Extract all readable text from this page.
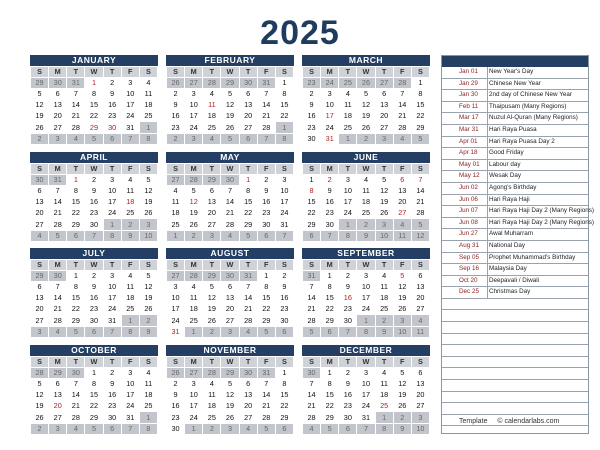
2025
JANUARY
S	M	T	W	T	F	S
29	30	31	1	2	3	4
5	6	7	8	9	10	11
12	13	14	15	16	17	18
19	20	21	22	23	24	25
26	27	28	29	30	31	1
2	3	4	5	6	7	8
FEBRUARY
S	M	T	W	T	F	S
26	27	28	29	30	31	1
2	3	4	5	6	7	8
9	10	11	12	13	14	15
16	17	18	19	20	21	22
23	24	25	26	27	28	1
2	3	4	5	6	7	8
MARCH
S	M	T	W	T	F	S
23	24	25	26	27	28	1
2	3	4	5	6	7	8
9	10	11	12	13	14	15
16	17	18	19	20	21	22
23	24	25	26	27	28	29
30	31	1	2	3	4	5
APRIL
S	M	T	W	T	F	S
30	31	1	2	3	4	5
6	7	8	9	10	11	12
13	14	15	16	17	18	19
20	21	22	23	24	25	26
27	28	29	30	1	2	3
4	5	6	7	8	9	10
MAY
S	M	T	W	T	F	S
27	28	29	30	1	2	3
4	5	6	7	8	9	10
11	12	13	14	15	16	17
18	19	20	21	22	23	24
25	26	27	28	29	30	31
1	2	3	4	5	6	7
JUNE
S	M	T	W	T	F	S
1	2	3	4	5	6	7
8	9	10	11	12	13	14
15	16	17	18	19	20	21
22	23	24	25	26	27	28
29	30	1	2	3	4	5
6	7	8	9	10	11	12
JULY
S	M	T	W	T	F	S
29	30	1	2	3	4	5
6	7	8	9	10	11	12
13	14	15	16	17	18	19
20	21	22	23	24	25	26
27	28	29	30	31	1	2
3	4	5	6	7	8	9
AUGUST
S	M	T	W	T	F	S
27	28	29	30	31	1	2
3	4	5	6	7	8	9
10	11	12	13	14	15	16
17	18	19	20	21	22	23
24	25	26	27	28	29	30
31	1	2	3	4	5	6
SEPTEMBER
S	M	T	W	T	F	S
31	1	2	3	4	5	6
7	8	9	10	11	12	13
14	15	16	17	18	19	20
21	22	23	24	25	26	27
28	29	30	1	2	3	4
5	6	7	8	9	10	11
OCTOBER
S	M	T	W	T	F	S
28	29	30	1	2	3	4
5	6	7	8	9	10	11
12	13	14	15	16	17	18
19	20	21	22	23	24	25
26	27	28	29	30	31	1
2	3	4	5	6	7	8
NOVEMBER
S	M	T	W	T	F	S
26	27	28	29	30	31	1
2	3	4	5	6	7	8
9	10	11	12	13	14	15
16	17	18	19	20	21	22
23	24	25	26	27	28	29
30	1	2	3	4	5	6
DECEMBER
S	M	T	W	T	F	S
30	1	2	3	4	5	6
7	8	9	10	11	12	13
14	15	16	17	18	19	20
21	22	23	24	25	26	27
28	29	30	31	1	2	3
4	5	6	7	8	9	10
Jan 01	New Year's Day
Jan 29	Chinese New Year
Jan 30	2nd day of Chinese New Year
Feb 11	Thaipusam (Many Regions)
Mar 17	Nuzul Al-Quran (Many Regions)
Mar 31	Hari Raya Puasa
Apr 01	Hari Raya Puasa Day 2
Apr 18	Good Friday
May 01	Labour day
May 12	Wesak Day
Jun 02	Agong's Birthday
Jun 06	Hari Raya Haji
Jun 07	Hari Raya Haji Day 2 (Many Regions)
Jun 08	Hari Raya Haji Day 2 (Many Regions)
Jun 27	Awal Muharram
Aug 31	National Day
Sep 05	Prophet Muhammad's Birthday
Sep 16	Malaysia Day
Oct 20	Deepavali / Diwali
Dec 25	Christmas Day
Template © calendarlabs.com
